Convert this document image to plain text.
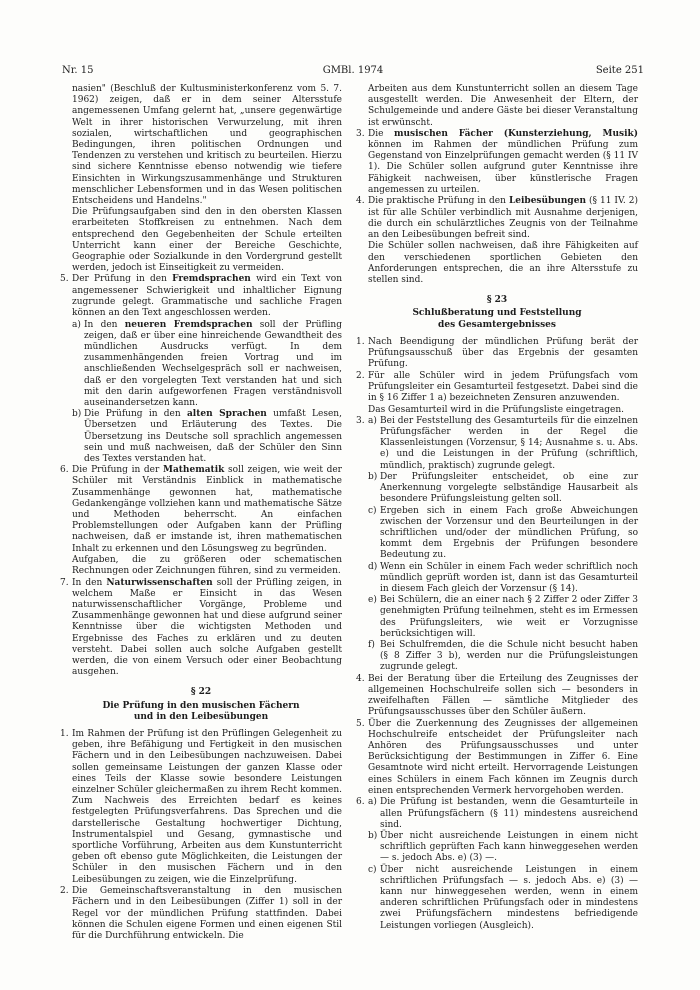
Nr. 15	GMBl. 1974	Seite 251

nasien" (Beschluß der Kultusministerkonferenz vom 5. 7. 1962) zeigen, daß er in dem seiner Altersstufe angemessenen Umfang gelernt hat, „unsere gegenwärtige Welt in ihrer historischen Verwurzelung, mit ihren sozialen, wirtschaftlichen und geographischen Bedingungen, ihren politischen Ordnungen und Tendenzen zu verstehen und kritisch zu beurteilen. Hierzu sind sichere Kenntnisse ebenso notwendig wie tiefere Einsichten in Wirkungszusammenhänge und Strukturen menschlicher Lebensformen und in das Wesen politischen Entscheidens und Handelns."

Die Prüfungsaufgaben sind den in den obersten Klassen erarbeiteten Stoffkreisen zu entnehmen. Nach dem entsprechend den Gegebenheiten der Schule erteilten Unterricht kann einer der Bereiche Geschichte, Geographie oder Sozialkunde in den Vordergrund gestellt werden, jedoch ist Einseitigkeit zu vermeiden.

5. Der Prüfung in den Fremdsprachen wird ein Text von angemessener Schwierigkeit und inhaltlicher Eignung zugrunde gelegt. Grammatische und sachliche Fragen können an den Text angeschlossen werden.
a) In den neueren Fremdsprachen soll der Prüfling zeigen, daß er über eine hinreichende Gewandtheit des mündlichen Ausdrucks verfügt. In dem zusammenhängenden freien Vortrag und im anschließenden Wechselgespräch soll er nachweisen, daß er den vorgelegten Text verstanden hat und sich mit den darin aufgeworfenen Fragen verständnisvoll auseinandersetzen kann.
b) Die Prüfung in den alten Sprachen umfaßt Lesen, Übersetzen und Erläuterung des Textes. Die Übersetzung ins Deutsche soll sprachlich angemessen sein und muß nachweisen, daß der Schüler den Sinn des Textes verstanden hat.
6. Die Prüfung in der Mathematik soll zeigen, wie weit der Schüler mit Verständnis Einblick in mathematische Zusammenhänge gewonnen hat, mathematische Gedankengänge vollziehen kann und mathematische Sätze und Methoden beherrscht. An einfachen Problemstellungen oder Aufgaben kann der Prüfling nachweisen, daß er imstande ist, ihren mathematischen Inhalt zu erkennen und den Lösungsweg zu begründen.

Aufgaben, die zu größeren oder schematischen Rechnungen oder Zeichnungen führen, sind zu vermeiden.

7. In den Naturwissenschaften soll der Prüfling zeigen, in welchem Maße er Einsicht in das Wesen naturwissenschaftlicher Vorgänge, Probleme und Zusammenhänge gewonnen hat und diese aufgrund seiner Kenntnisse über die wichtigsten Methoden und Ergebnisse des Faches zu erklären und zu deuten versteht. Dabei sollen auch solche Aufgaben gestellt werden, die von einem Versuch oder einer Beobachtung ausgehen.
§ 22
Die Prüfung in den musischen Fächern
und in den Leibesübungen
1. Im Rahmen der Prüfung ist den Prüflingen Gelegenheit zu geben, ihre Befähigung und Fertigkeit in den musischen Fächern und in den Leibesübungen nachzuweisen. Dabei sollen gemeinsame Leistungen der ganzen Klasse oder eines Teils der Klasse sowie besondere Leistungen einzelner Schüler gleichermaßen zu ihrem Recht kommen. Zum Nachweis des Erreichten bedarf es keines festgelegten Prüfungsverfahrens. Das Sprechen und die darstellerische Gestaltung hochwertiger Dichtung, Instrumentalspiel und Gesang, gymnastische und sportliche Vorführung, Arbeiten aus dem Kunstunterricht geben oft ebenso gute Möglichkeiten, die Leistungen der Schüler in den musischen Fächern und in den Leibesübungen zu zeigen, wie die Einzelprüfung.
2. Die Gemeinschaftsveranstaltung in den musischen Fächern und in den Leibesübungen (Ziffer 1) soll in der Regel vor der mündlichen Prüfung stattfinden. Dabei können die Schulen eigene Formen und einen eigenen Stil für die Durchführung entwickeln. Die

Arbeiten aus dem Kunstunterricht sollen an diesem Tage ausgestellt werden. Die Anwesenheit der Eltern, der Schulgemeinde und andere Gäste bei dieser Veranstaltung ist erwünscht.

3. Die musischen Fächer (Kunsterziehung, Musik) können im Rahmen der mündlichen Prüfung zum Gegenstand von Einzelprüfungen gemacht werden (§ 11 IV 1). Die Schüler sollen aufgrund guter Kenntnisse ihre Fähigkeit nachweisen, über künstlerische Fragen angemessen zu urteilen.
4. Die praktische Prüfung in den Leibesübungen (§ 11 IV. 2) ist für alle Schüler verbindlich mit Ausnahme derjenigen, die durch ein schulärztliches Zeugnis von der Teilnahme an den Leibesübungen befreit sind.

Die Schüler sollen nachweisen, daß ihre Fähigkeiten auf den verschiedenen sportlichen Gebieten den Anforderungen entsprechen, die an ihre Altersstufe zu stellen sind.

§ 23
Schlußberatung und Feststellung
des Gesamtergebnisses
1. Nach Beendigung der mündlichen Prüfung berät der Prüfungsausschuß über das Ergebnis der gesamten Prüfung.
2. Für alle Schüler wird in jedem Prüfungsfach vom Prüfungsleiter ein Gesamturteil festgesetzt. Dabei sind die in § 16 Ziffer 1 a) bezeichneten Zensuren anzuwenden.

Das Gesamturteil wird in die Prüfungsliste eingetragen.

3. a) Bei der Feststellung des Gesamturteils für die einzelnen Prüfungsfächer werden in der Regel die Klassenleistungen (Vorzensur, § 14; Ausnahme s. u. Abs. e) und die Leistungen in der Prüfung (schriftlich, mündlich, praktisch) zugrunde gelegt.
b) Der Prüfungsleiter entscheidet, ob eine zur Anerkennung vorgelegte selbständige Hausarbeit als besondere Prüfungsleistung gelten soll.
c) Ergeben sich in einem Fach große Abweichungen zwischen der Vorzensur und den Beurteilungen in der schriftlichen und/oder der mündlichen Prüfung, so kommt dem Ergebnis der Prüfungen besondere Bedeutung zu.
d) Wenn ein Schüler in einem Fach weder schriftlich noch mündlich geprüft worden ist, dann ist das Gesamturteil in diesem Fach gleich der Vorzensur (§ 14).
e) Bei Schülern, die an einer nach § 2 Ziffer 2 oder Ziffer 3 genehmigten Prüfung teilnehmen, steht es im Ermessen des Prüfungsleiters, wie weit er Vorzugnisse berücksichtigen will.
f) Bei Schulfremden, die die Schule nicht besucht haben (§ 8 Ziffer 3 b), werden nur die Prüfungsleistungen zugrunde gelegt.
4. Bei der Beratung über die Erteilung des Zeugnisses der allgemeinen Hochschulreife sollen sich — besonders in zweifelhaften Fällen — sämtliche Mitglieder des Prüfungsausschusses über den Schüler äußern.
5. Über die Zuerkennung des Zeugnisses der allgemeinen Hochschulreife entscheidet der Prüfungsleiter nach Anhören des Prüfungsausschusses und unter Berücksichtigung der Bestimmungen in Ziffer 6. Eine Gesamtnote wird nicht erteilt. Hervorragende Leistungen eines Schülers in einem Fach können im Zeugnis durch einen entsprechenden Vermerk hervorgehoben werden.
6. a) Die Prüfung ist bestanden, wenn die Gesamturteile in allen Prüfungsfächern (§ 11) mindestens ausreichend sind.
b) Über nicht ausreichende Leistungen in einem nicht schriftlich geprüften Fach kann hinweggesehen werden — s. jedoch Abs. e) (3) —.
c) Über nicht ausreichende Leistungen in einem schriftlichen Prüfungsfach — s. jedoch Abs. e) (3) — kann nur hinweggesehen werden, wenn in einem anderen schriftlichen Prüfungsfach oder in mindestens zwei Prüfungsfächern mindestens befriedigende Leistungen vorliegen (Ausgleich).
